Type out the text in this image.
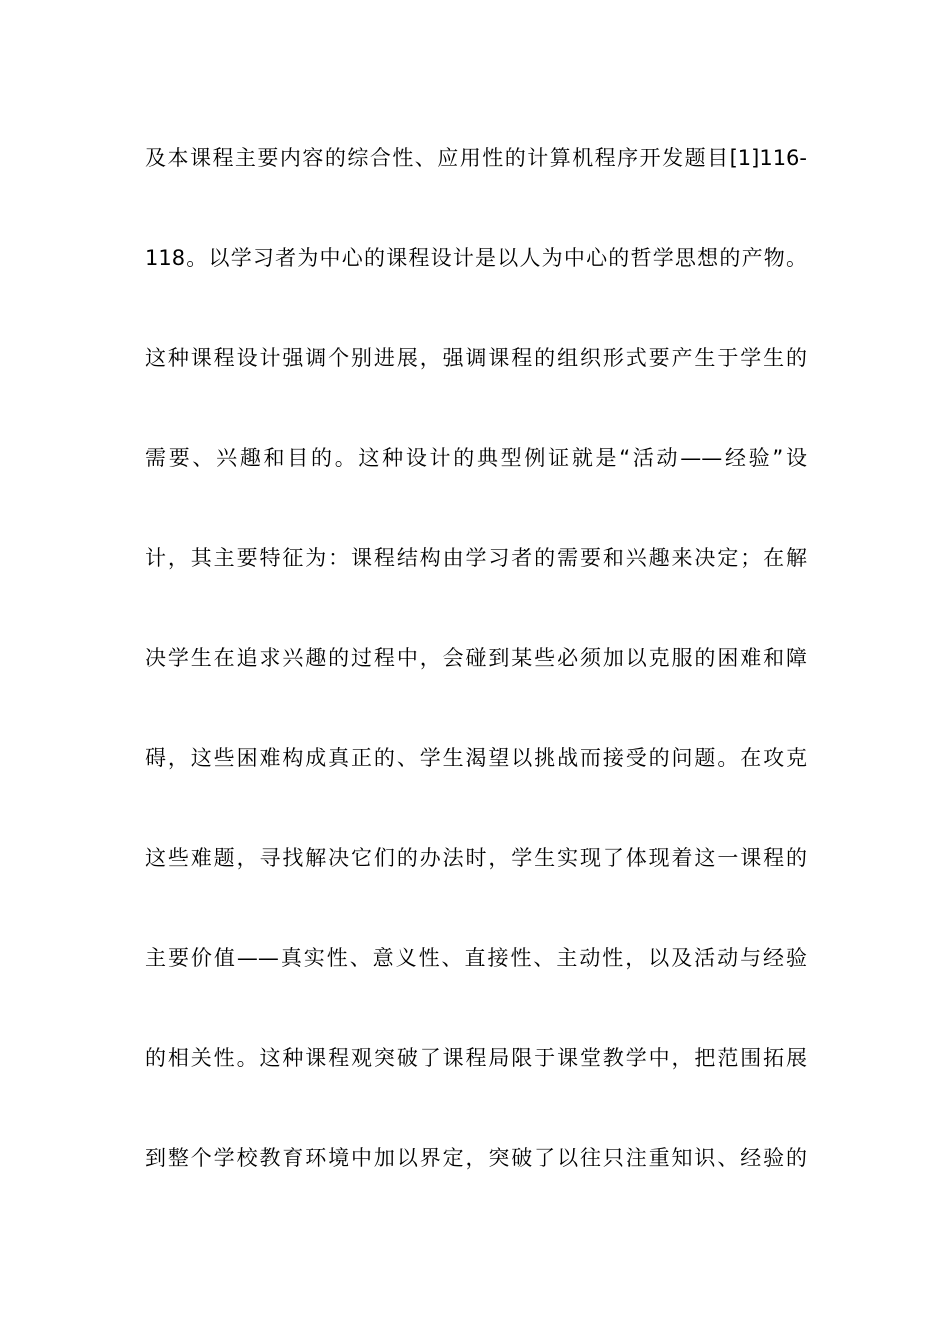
及本课程主要内容的综合性、应用性的计算机程序开发题目[1]116-
118。以学习者为中心的课程设计是以人为中心的哲学思想的产物。
这种课程设计强调个别进展，强调课程的组织形式要产生于学生的
需要、兴趣和目的。这种设计的典型例证就是“活动——经验”设
计，其主要特征为：课程结构由学习者的需要和兴趣来决定；在解
决学生在追求兴趣的过程中，会碰到某些必须加以克服的困难和障
碍，这些困难构成真正的、学生渴望以挑战而接受的问题。在攻克
这些难题，寻找解决它们的办法时，学生实现了体现着这一课程的
主要价值——真实性、意义性、直接性、主动性，以及活动与经验
的相关性。这种课程观突破了课程局限于课堂教学中，把范围拓展
到整个学校教育环境中加以界定，突破了以往只注重知识、经验的
